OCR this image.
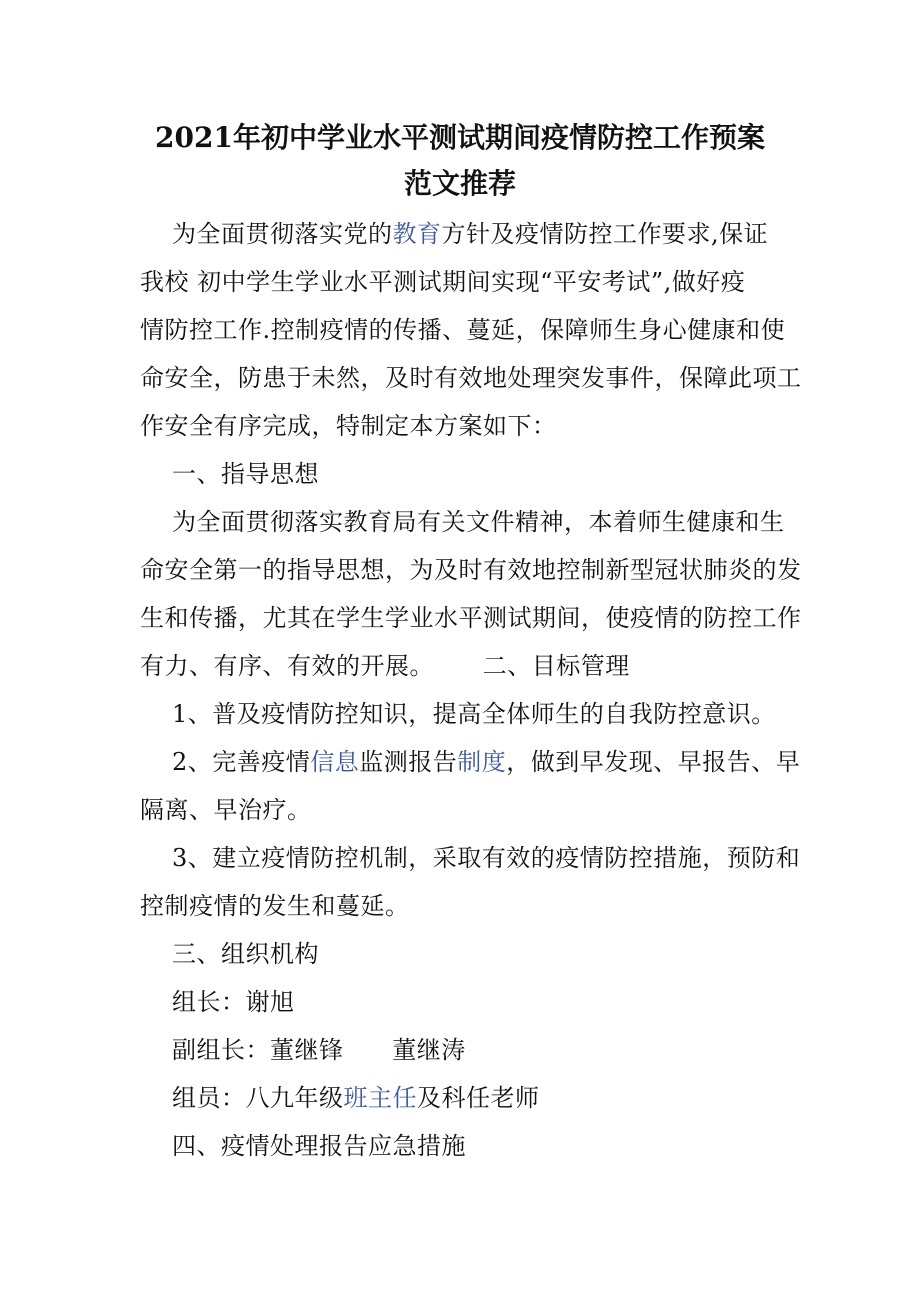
2021年初中学业水平测试期间疫情防控工作预案
范文推荐
为全面贯彻落实党的教育方针及疫情防控工作要求,保证
我校 初中学生学业水平测试期间实现“平安考试”,做好疫
情防控工作.控制疫情的传播、蔓延，保障师生身心健康和使
命安全，防患于未然，及时有效地处理突发事件，保障此项工
作安全有序完成，特制定本方案如下：
一、指导思想
为全面贯彻落实教育局有关文件精神，本着师生健康和生
命安全第一的指导思想，为及时有效地控制新型冠状肺炎的发
生和传播，尤其在学生学业水平测试期间，使疫情的防控工作
有力、有序、有效的开展。      二、目标管理
1、普及疫情防控知识，提高全体师生的自我防控意识。
2、完善疫情信息监测报告制度，做到早发现、早报告、早
隔离、早治疗。
3、建立疫情防控机制，采取有效的疫情防控措施，预防和
控制疫情的发生和蔓延。
三、组织机构
组长：谢旭
副组长：董继锋      董继涛
组员：八九年级班主任及科任老师
四、疫情处理报告应急措施
